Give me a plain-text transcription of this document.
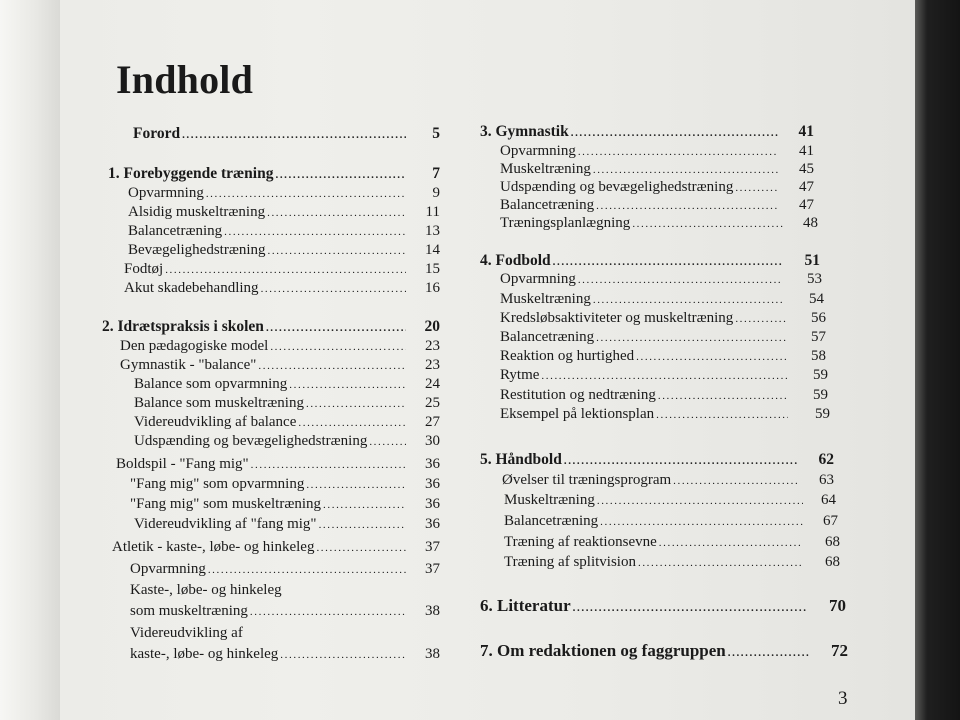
Indhold
Forord .....	5
1. Forebyggende træning .....	7
Opvarmning .....	9
Alsidig muskeltræning .....	11
Balancetræning .....	13
Bevægelighedstræning .....	14
Fodtøj .....	15
Akut skadebehandling .....	16
2. Idrætspraksis i skolen .....	20
Den pædagogiske model .....	23
Gymnastik - "balance" .....	23
Balance som opvarmning .....	24
Balance som muskeltræning .....	25
Videreudvikling af balance .....	27
Udspænding og bevægelighedstræning .....	30
Boldspil - "Fang mig" .....	36
"Fang mig" som opvarmning .....	36
"Fang mig" som muskeltræning .....	36
Videreudvikling af "fang mig" .....	36
Atletik - kaste-, løbe- og hinkeleg .....	37
Opvarmning .....	37
Kaste-, løbe- og hinkeleg
som muskeltræning .....	38
Videreudvikling af
kaste-, løbe- og hinkeleg .....	38
3. Gymnastik .....	41
Opvarmning .....	41
Muskeltræning .....	45
Udspænding og bevægelighedstræning .....	47
Balancetræning .....	47
Træningsplanlægning .....	48
4. Fodbold .....	51
Opvarmning .....	53
Muskeltræning .....	54
Kredsløbsaktiviteter og muskeltræning .....	56
Balancetræning .....	57
Reaktion og hurtighed .....	58
Rytme .....	59
Restitution og nedtræning .....	59
Eksempel på lektionsplan .....	59
5. Håndbold .....	62
Øvelser til træningsprogram .....	63
Muskeltræning .....	64
Balancetræning .....	67
Træning af reaktionsevne .....	68
Træning af splitvision .....	68
6. Litteratur .....	70
7. Om redaktionen og faggruppen .....	72
3
